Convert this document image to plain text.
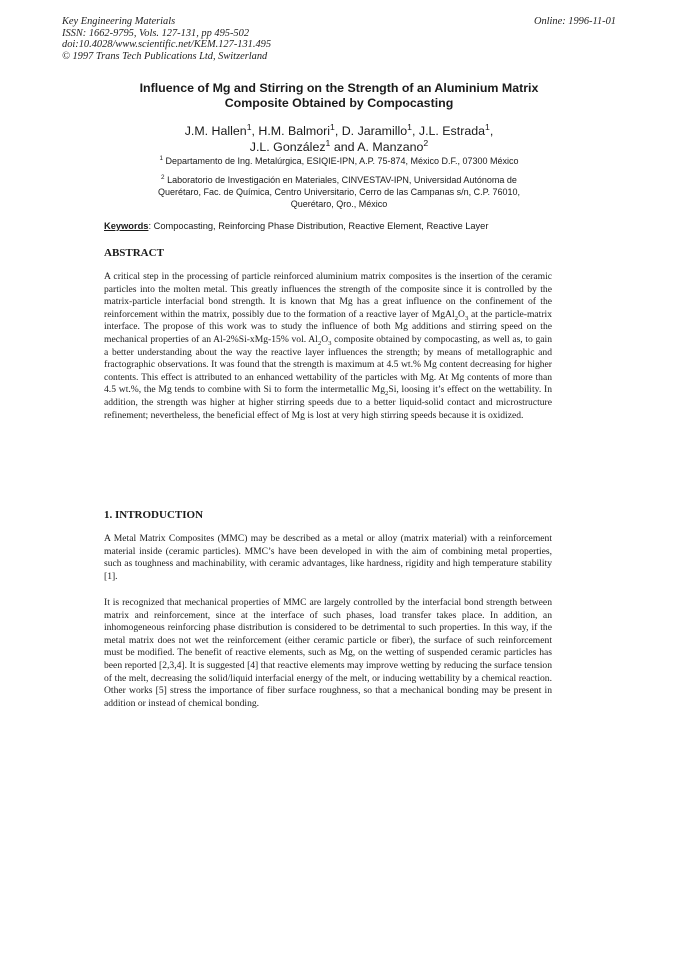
Key Engineering Materials
ISSN: 1662-9795, Vols. 127-131, pp 495-502
doi:10.4028/www.scientific.net/KEM.127-131.495
© 1997 Trans Tech Publications Ltd, Switzerland
Online: 1996-11-01
Influence of Mg and Stirring on the Strength of an Aluminium Matrix
Composite Obtained by Compocasting
J.M. Hallen$^1$, H.M. Balmori$^1$, D. Jaramillo$^1$, J.L. Estrada$^1$,
J.L. González$^1$ and A. Manzano$^2$
$^1$ Departamento de Ing. Metalúrgica, ESIQIE-IPN, A.P. 75-874, México D.F., 07300 México
$^2$ Laboratorio de Investigación en Materiales, CINVESTAV-IPN, Universidad Autónoma de
Querétaro, Fac. de Química, Centro Universitario, Cerro de las Campanas s/n, C.P. 76010,
Querétaro, Qro., México
Keywords: Compocasting, Reinforcing Phase Distribution, Reactive Element, Reactive Layer
ABSTRACT
A critical step in the processing of particle reinforced aluminium matrix composites is the insertion of the ceramic particles into the molten metal. This greatly influences the strength of the composite since it is controlled by the matrix-particle interfacial bond strength. It is known that Mg has a great influence on the confinement of the reinforcement within the matrix, possibly due to the formation of a reactive layer of $MgAl_2O_3$ at the particle-matrix interface. The propose of this work was to study the influence of both Mg additions and stirring speed on the mechanical properties of an Al-2%Si-xMg-15% vol. $Al_2O_3$ composite obtained by compocasting, as well as, to gain a better understanding about the way the reactive layer influences the strength; by means of metallographic and fractographic observations. It was found that the strength is maximum at 4.5 wt.% Mg content decreasing for higher contents. This effect is attributed to an enhanced wettability of the particles with Mg. At Mg contents of more than 4.5 wt.%, the Mg tends to combine with Si to form the intermetallic $Mg_2Si$, loosing it’s effect on the wettability. In addition, the strength was higher at higher stirring speeds due to a better liquid-solid contact and microstructure refinement; nevertheless, the beneficial effect of Mg is lost at very high stirring speeds because it is oxidized.
1. INTRODUCTION
A Metal Matrix Composites (MMC) may be described as a metal or alloy (matrix material) with a reinforcement material inside (ceramic particles). MMC’s have been developed in with the aim of combining metal properties, such as toughness and machinability, with ceramic advantages, like hardness, rigidity and high temperature stability [1].
It is recognized that mechanical properties of MMC are largely controlled by the interfacial bond strength between matrix and reinforcement, since at the interface of such phases, load transfer takes place. In addition, an inhomogeneous reinforcing phase distribution is considered to be detrimental to such properties. In this way, if the metal matrix does not wet the reinforcement (either ceramic particle or fiber), the surface of such reinforcement must be modified. The benefit of reactive elements, such as Mg, on the wetting of suspended ceramic particles has been reported [2,3,4]. It is suggested [4] that reactive elements may improve wetting by reducing the surface tension of the melt, decreasing the solid/liquid interfacial energy of the melt, or inducing wettability by a chemical reaction. Other works [5] stress the importance of fiber surface roughness, so that a mechanical bonding may be present in addition or instead of chemical bonding.
